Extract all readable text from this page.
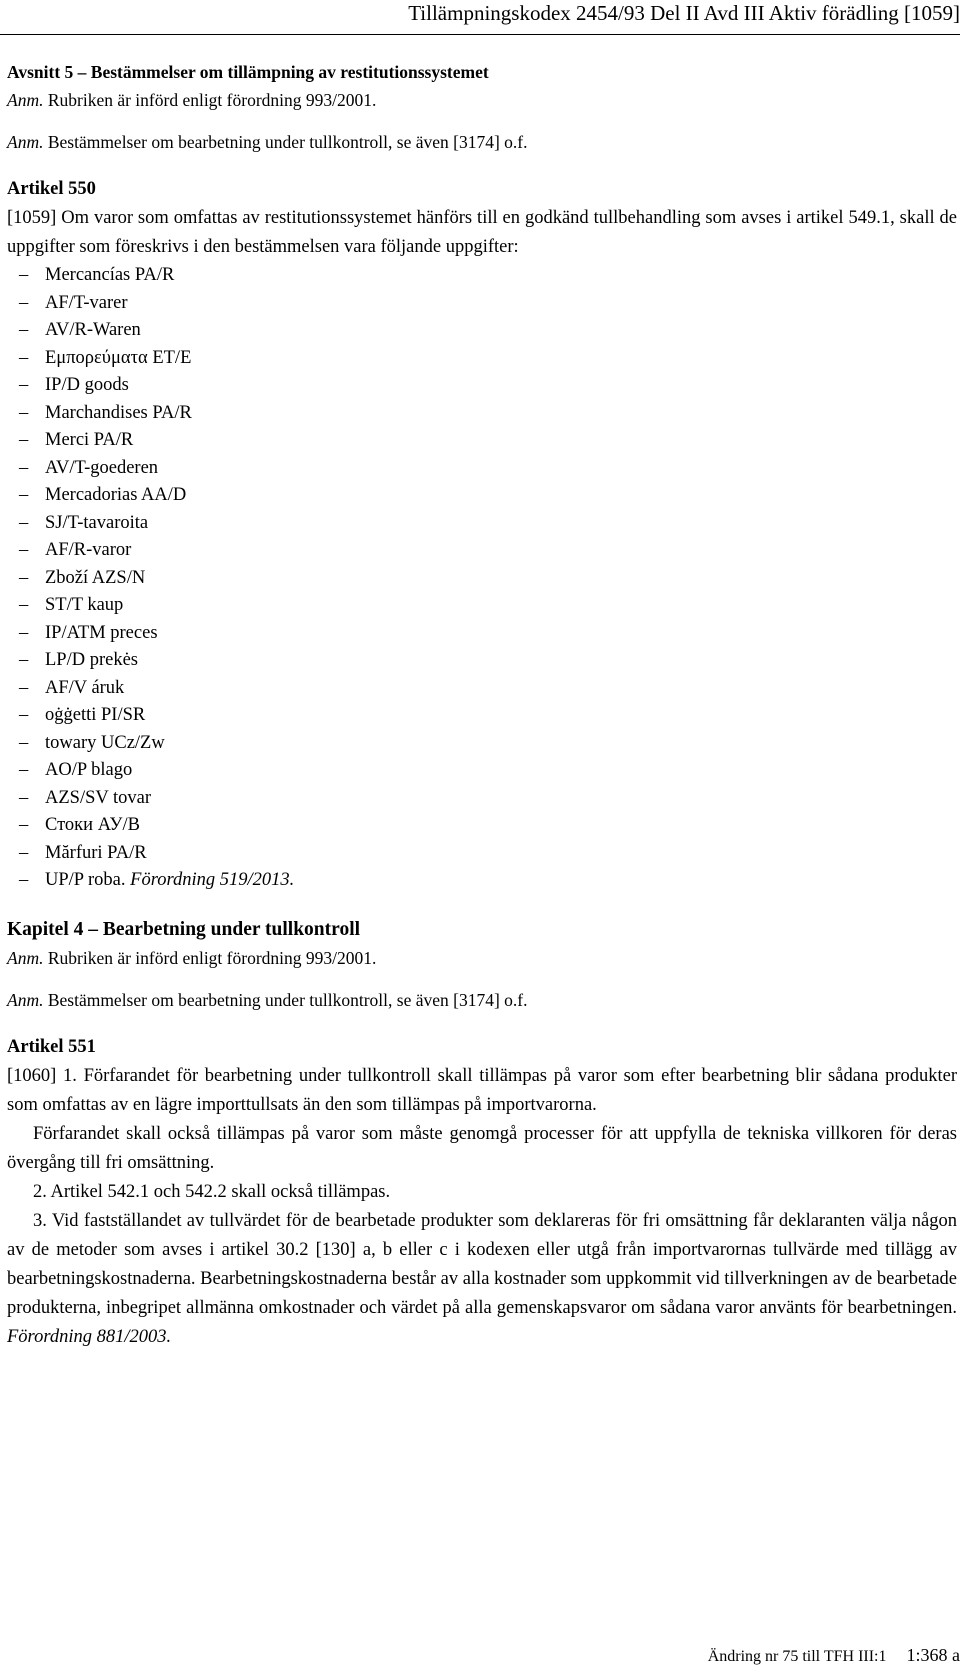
Tillämpningskodex 2454/93 Del II Avd III Aktiv förädling [1059]

Avsnitt 5 – Bestämmelser om tillämpning av restitutionssystemet

Anm. Rubriken är införd enligt förordning 993/2001.

Anm. Bestämmelser om bearbetning under tullkontroll, se även [3174] o.f.

Artikel 550

[1059] Om varor som omfattas av restitutionssystemet hänförs till en godkänd tullbehandling som avses i artikel 549.1, skall de uppgifter som föreskrivs i den bestämmelsen vara följande uppgifter:

– Mercancías PA/R
– AF/T-varer
– AV/R-Waren
– Εμπορεύματα ET/E
– IP/D goods
– Marchandises PA/R
– Merci PA/R
– AV/T-goederen
– Mercadorias AA/D
– SJ/T-tavaroita
– AF/R-varor
– Zboží AZS/N
– ST/T kaup
– IP/ATM preces
– LP/D prekės
– AF/V áruk
– oġġetti PI/SR
– towary UCz/Zw
– AO/P blago
– AZS/SV tovar
– Стоки АУ/В
– Mărfuri PA/R
– UP/P roba. Förordning 519/2013.

Kapitel 4 – Bearbetning under tullkontroll

Anm. Rubriken är införd enligt förordning 993/2001.

Anm. Bestämmelser om bearbetning under tullkontroll, se även [3174] o.f.

Artikel 551

[1060] 1. Förfarandet för bearbetning under tullkontroll skall tillämpas på varor som efter bearbetning blir sådana produkter som omfattas av en lägre importtullsats än den som tillämpas på importvarorna.

Förfarandet skall också tillämpas på varor som måste genomgå processer för att uppfylla de tekniska villkoren för deras övergång till fri omsättning.

2. Artikel 542.1 och 542.2 skall också tillämpas.

3. Vid fastställandet av tullvärdet för de bearbetade produkter som deklareras för fri omsättning får deklaranten välja någon av de metoder som avses i artikel 30.2 [130] a, b eller c i kodexen eller utgå från importvarornas tullvärde med tillägg av bearbetningskostnaderna. Bearbetningskostnaderna består av alla kostnader som uppkommit vid tillverkningen av de bearbetade produkterna, inbegripet allmänna omkostnader och värdet på alla gemenskapsvaror om sådana varor använts för bearbetningen. Förordning 881/2003.

Ändring nr 75 till TFH III:1 1:368 a
